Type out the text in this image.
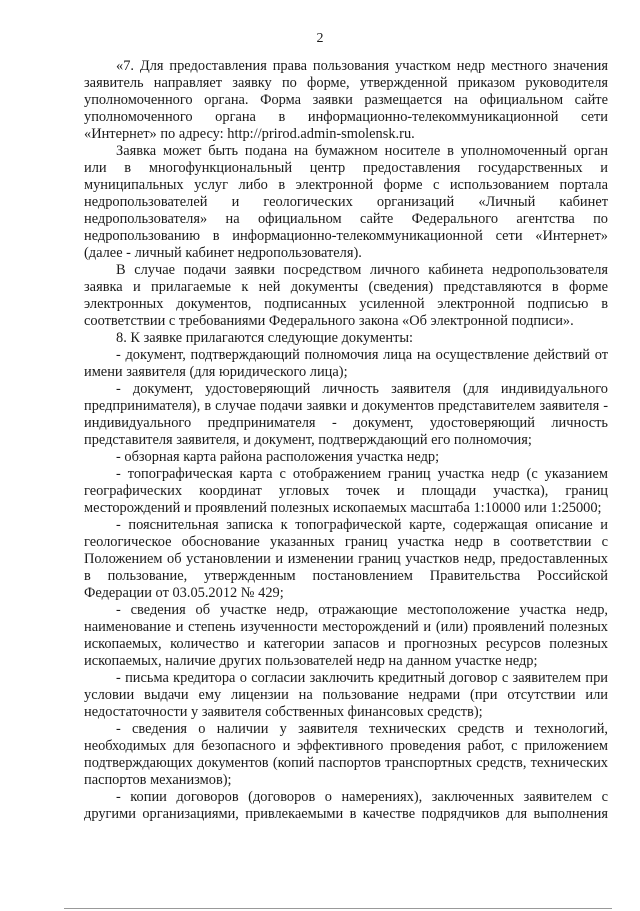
2
«7. Для предоставления права пользования участком недр местного значения
заявитель направляет заявку по форме, утвержденной приказом руководителя
уполномоченного органа. Форма заявки размещается на официальном сайте
уполномоченного органа в информационно-телекоммуникационной сети
«Интернет» по адресу: http://prirod.admin-smolensk.ru.
Заявка может быть подана на бумажном носителе в уполномоченный орган
или в многофункциональный центр предоставления государственных и
муниципальных услуг либо в электронной форме с использованием портала
недропользователей и геологических организаций «Личный кабинет
недропользователя» на официальном сайте Федерального агентства по
недропользованию в информационно-телекоммуникационной сети «Интернет»
(далее - личный кабинет недропользователя).
В случае подачи заявки посредством личного кабинета недропользователя
заявка и прилагаемые к ней документы (сведения) представляются в форме
электронных документов, подписанных усиленной электронной подписью в
соответствии с требованиями Федерального закона «Об электронной подписи».
8. К заявке прилагаются следующие документы:
- документ, подтверждающий полномочия лица на осуществление действий от
имени заявителя (для юридического лица);
- документ, удостоверяющий личность заявителя (для индивидуального
предпринимателя), в случае подачи заявки и документов представителем заявителя -
индивидуального предпринимателя - документ, удостоверяющий личность
представителя заявителя, и документ, подтверждающий его полномочия;
- обзорная карта района расположения участка недр;
- топографическая карта с отображением границ участка недр (с указанием
географических координат угловых точек и площади участка), границ
месторождений и проявлений полезных ископаемых масштаба 1:10000 или 1:25000;
- пояснительная записка к топографической карте, содержащая описание и
геологическое обоснование указанных границ участка недр в соответствии с
Положением об установлении и изменении границ участков недр, предоставленных
в пользование, утвержденным постановлением Правительства Российской
Федерации от 03.05.2012 № 429;
- сведения об участке недр, отражающие местоположение участка недр,
наименование и степень изученности месторождений и (или) проявлений полезных
ископаемых, количество и категории запасов и прогнозных ресурсов полезных
ископаемых, наличие других пользователей недр на данном участке недр;
- письма кредитора о согласии заключить кредитный договор с заявителем при
условии выдачи ему лицензии на пользование недрами (при отсутствии или
недостаточности у заявителя собственных финансовых средств);
- сведения о наличии у заявителя технических средств и технологий,
необходимых для безопасного и эффективного проведения работ, с приложением
подтверждающих документов (копий паспортов транспортных средств, технических
паспортов механизмов);
- копии договоров (договоров о намерениях), заключенных заявителем с
другими организациями, привлекаемыми в качестве подрядчиков для выполнения
